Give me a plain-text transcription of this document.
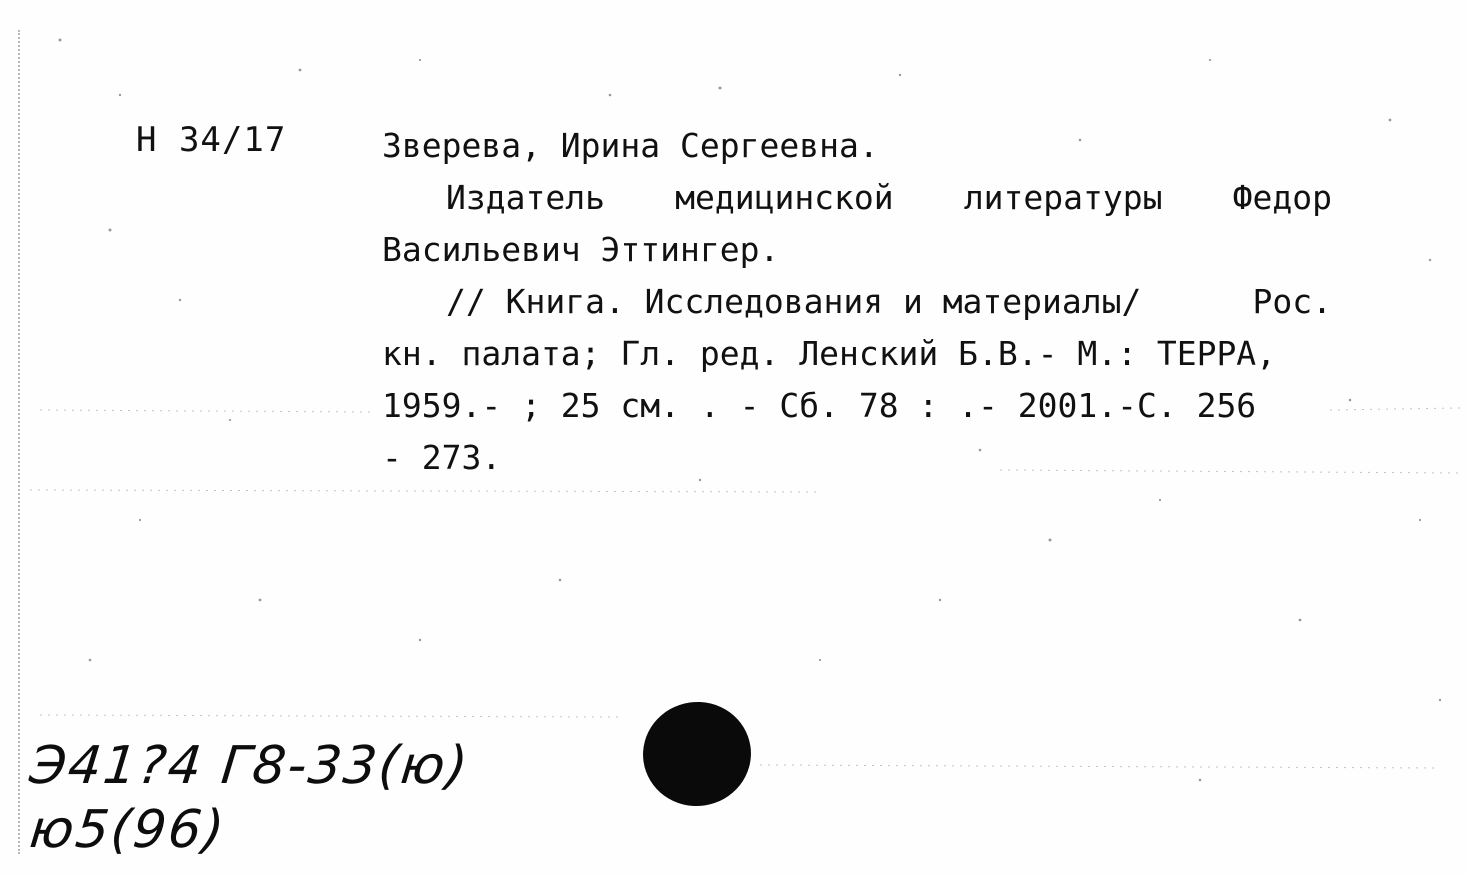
Н 34/17	Зверева, Ирина Сергеевна.
Издатель медицинской литературы Федор
Васильевич Эттингер.
// Книга. Исследования и материалы/	Рос.
кн. палата; Гл. ред. Ленский Б.В.- М.: ТЕРРА,
1959.- ; 25 см. . - Сб. 78 : .- 2001.-С. 256
- 273.
Э41?4 Г8-33(ю)
ю5(96)
